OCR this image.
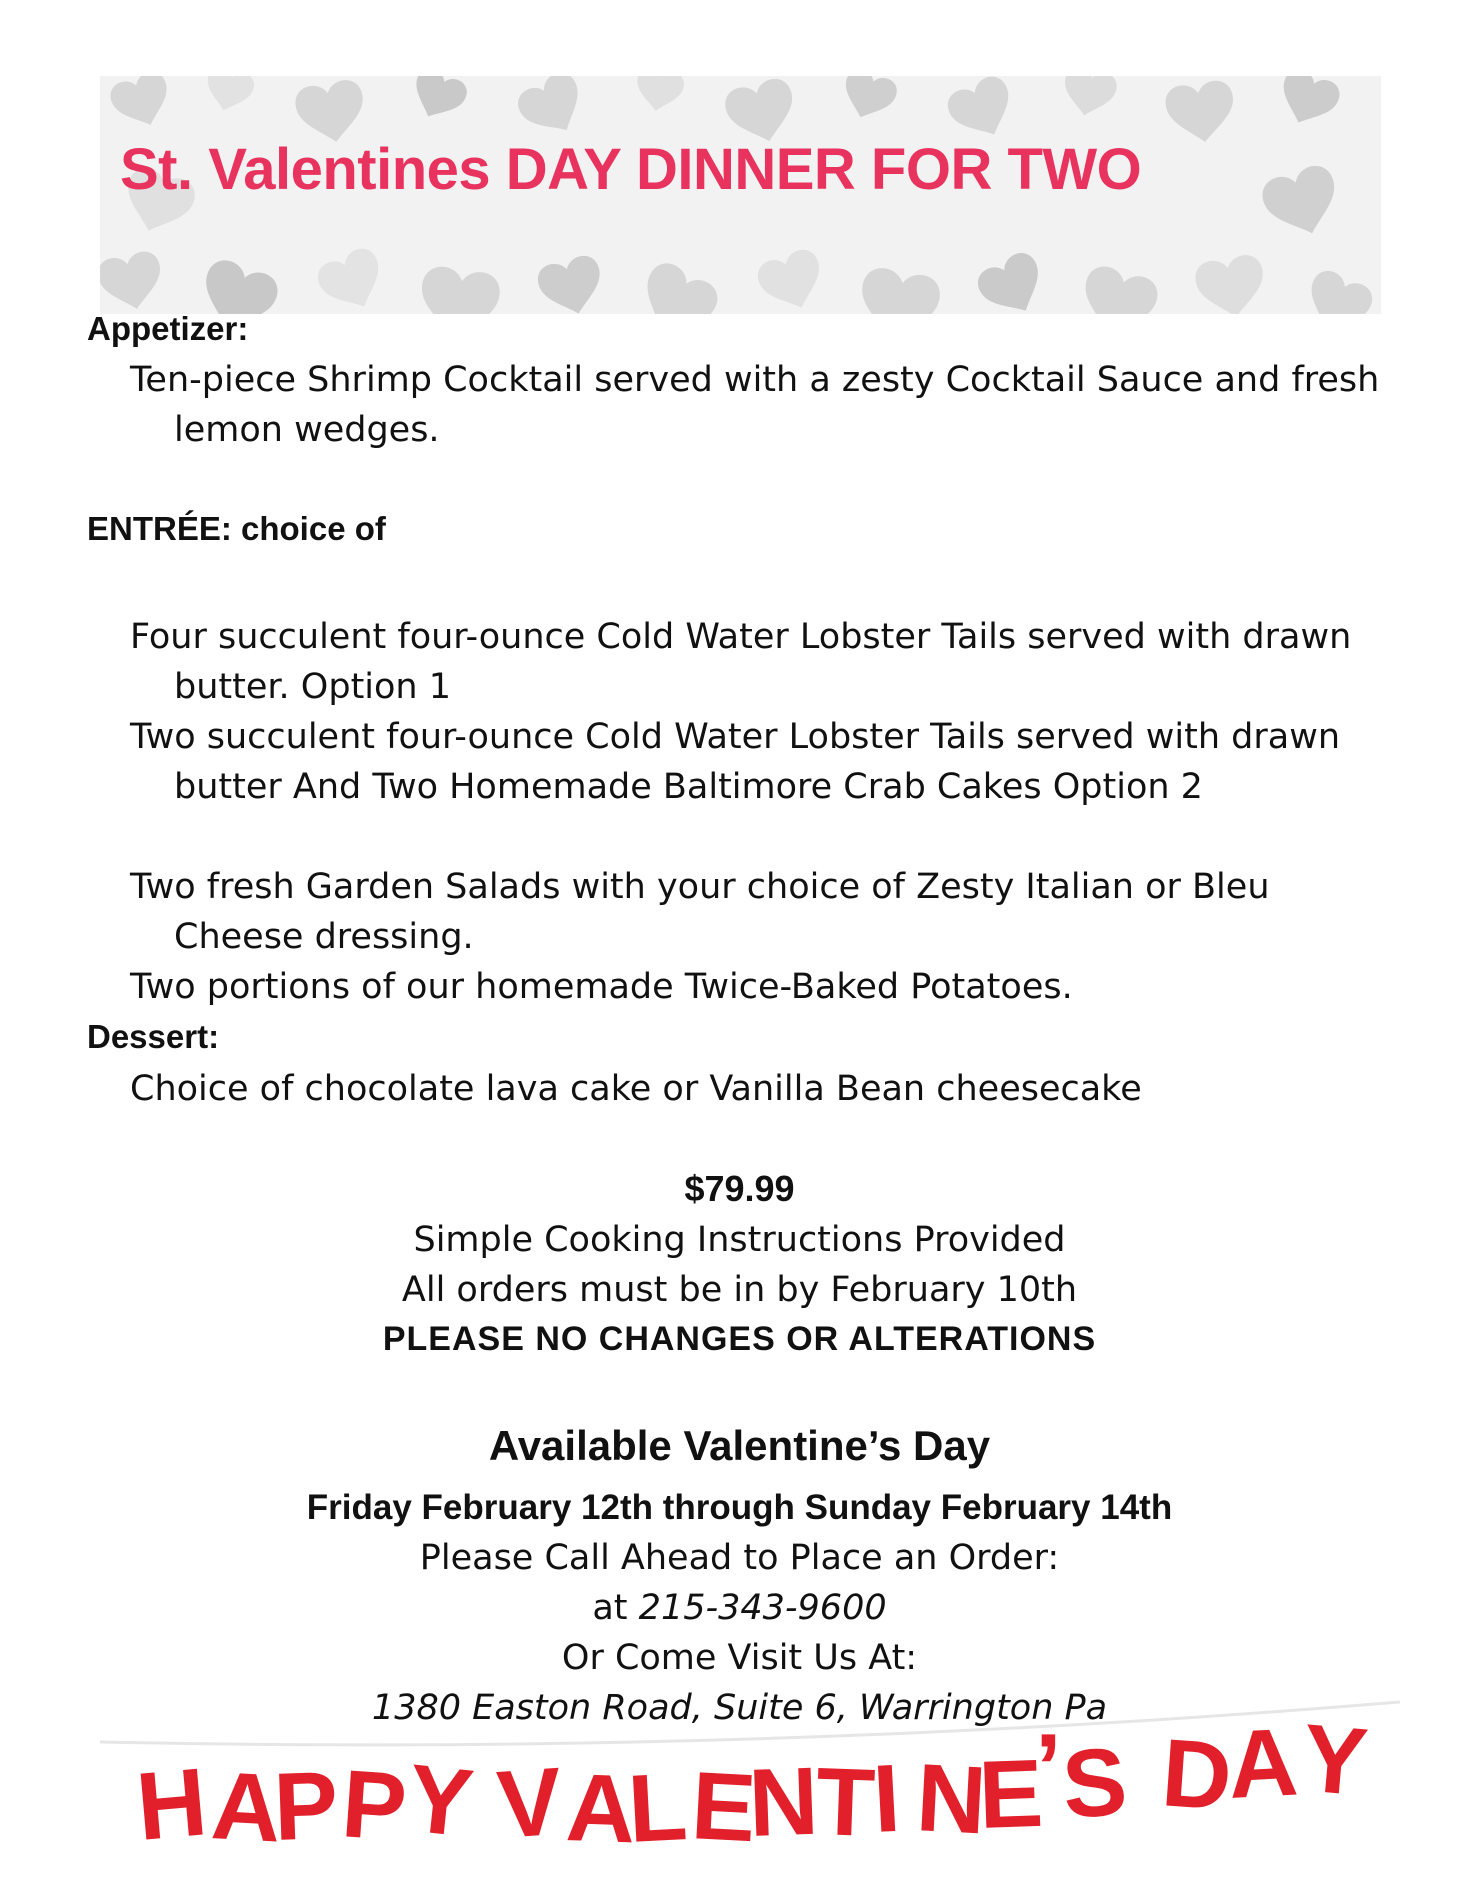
St. Valentines DAY DINNER FOR TWO

Appetizer:

Ten-piece Shrimp Cocktail served with a zesty Cocktail Sauce and fresh lemon wedges.

ENTRÉE: choice of

Four succulent four-ounce Cold Water Lobster Tails served with drawn butter. Option 1

Two succulent four-ounce Cold Water Lobster Tails served with drawn butter And Two Homemade Baltimore Crab Cakes Option 2

Two fresh Garden Salads with your choice of Zesty Italian or Bleu Cheese dressing.

Two portions of our homemade Twice-Baked Potatoes.

Dessert:

Choice of chocolate lava cake or Vanilla Bean cheesecake

$79.99

Simple Cooking Instructions Provided

All orders must be in by February 10th

PLEASE NO CHANGES OR ALTERATIONS

Available Valentine’s Day

Friday February 12th through Sunday February 14th

Please Call Ahead to Place an Order:

at 215-343-9600

Or Come Visit Us At:

1380 Easton Road, Suite 6, Warrington Pa

H
A
P
P
Y V
A
L E
N
T
I N
E
’
S D
A
Y
